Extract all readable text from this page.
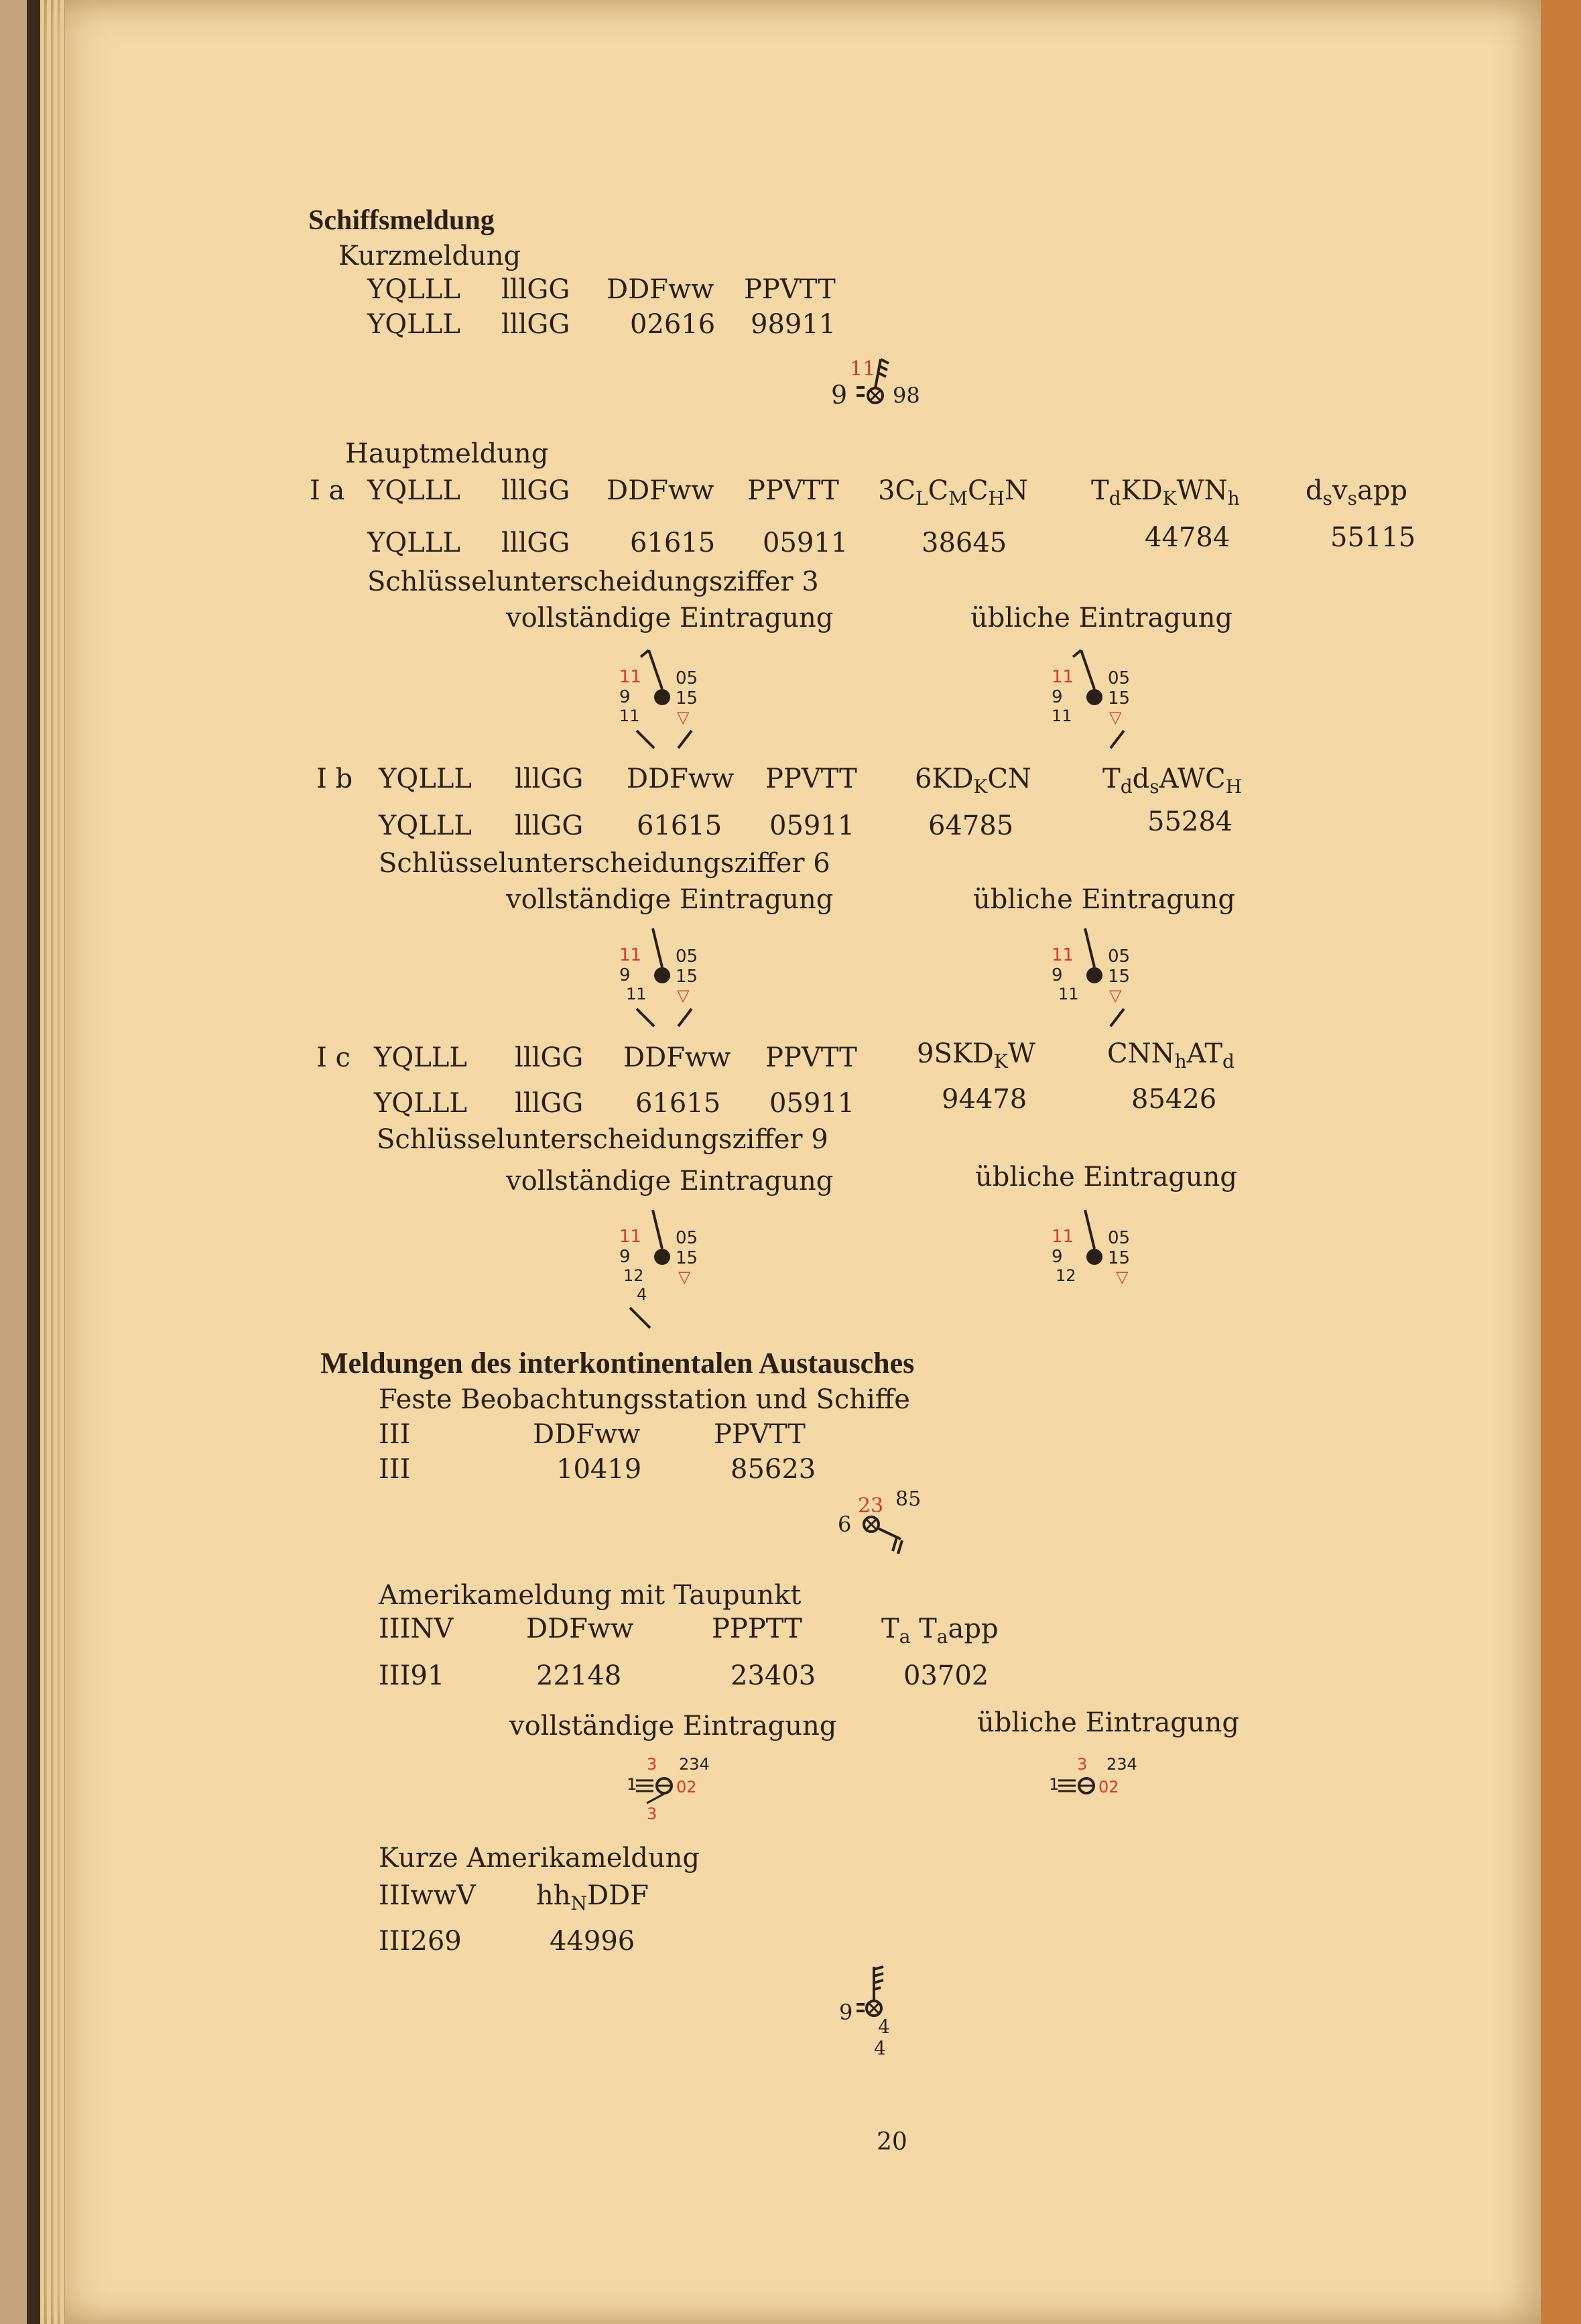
Schiffsmeldung
Kurzmeldung
YQLLL lllGG DDFww PPVTT
YQLLL lllGG 02616 98911
9
11
98
Hauptmeldung
I a YQLLL lllGG DDFww PPVTT $3C_LC_MC_HN$ $T_dKD_KWN_h$ $d_sv_sapp$
YQLLL lllGG 61615 05911	38645	44784	55115
Schlüsselunterscheidungsziffer 3
vollständige Eintragung	übliche Eintragung
11
9
11
05
15
▽
11
9
11
05
15
▽
I b YQLLL lllGG DDFww PPVTT $6KD_KCN$	$T_dd_sAWC_H$
YQLLL lllGG 61615 05911	64785	55284
Schlüsselunterscheidungsziffer 6
vollständige Eintragung	übliche Eintragung
11
9
11
05
15
▽
11
9
11
05
15
▽
I c YQLLL lllGG DDFww PPVTT $9SKD_KW$	$CNN_hAT_d$
YQLLL lllGG 61615 05911	94478	85426
Schlüsselunterscheidungsziffer 9
vollständige Eintragung	übliche Eintragung
11
9
12
4
05
15
▽
11
9
12
05
15
▽
Meldungen des interkontinentalen Austausches
Feste Beobachtungsstation und Schiffe
III	DDFww	PPVTT
III	10419	85623
6
23 85
Amerikameldung mit Taupunkt
IIINV	DDFww	PPPTT	$T_a$ $T_aapp$
III91	22148	23403	03702
vollständige Eintragung	übliche Eintragung
3 234
1 02
3
3 234
1 02
Kurze Amerikameldung
IIIwwV $hh_NDDF$
III269	44996
9
4
4
20
